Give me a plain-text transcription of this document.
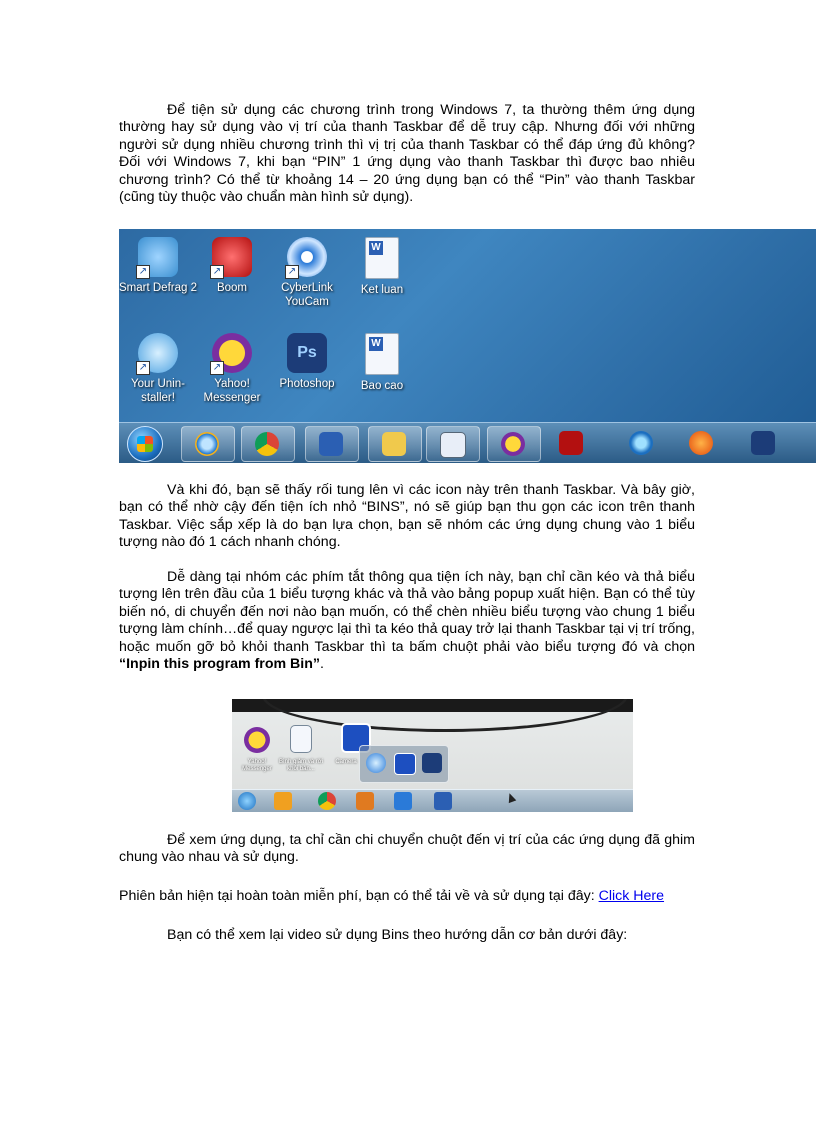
Để tiện sử dụng các chương trình trong Windows 7, ta thường thêm ứng dụng thường hay sử dụng vào vị trí của thanh Taskbar để dễ truy cập. Nhưng đối với những người sử dụng nhiều chương trình thì vị trị của thanh Taskbar có thể đáp ứng đủ không? Đối với Windows 7, khi bạn “PIN” 1 ứng dụng vào thanh Taskbar thì được bao nhiêu chương trình? Có thể từ khoảng 14 – 20 ứng dụng bạn có thể “Pin” vào thanh Taskbar (cũng tùy thuộc vào chuẩn màn hình sử dụng).

↗
Smart Defrag 2
↗
Boom
↗
CyberLink YouCam
W
Ket luan
↗
Your Unin-staller!
↗
Yahoo! Messenger
Ps
Photoshop
W
Bao cao

Và khi đó, bạn sẽ thấy rối tung lên vì các icon này trên thanh Taskbar. Và bây giờ, bạn có thể nhờ cậy đến tiện ích nhỏ “BINS”, nó sẽ giúp bạn thu gọn các icon trên thanh Taskbar. Việc sắp xếp là do bạn lựa chọn, bạn sẽ nhóm các ứng dụng chung vào 1 biểu tượng nào đó 1 cách nhanh chóng.

Dễ dàng tại nhóm các phím tắt thông qua tiện ích này, bạn chỉ cần kéo và thả biểu tượng lên trên đầu của 1 biểu tượng khác và thả vào bảng popup xuất hiện. Bạn có thể tùy biến nó, di chuyển đến nơi nào bạn muốn, có thể chèn nhiều biểu tượng vào chung 1 biểu tượng làm chính…để quay ngược lại thì ta kéo thả quay trở lại thanh Taskbar tại vị trí trống, hoặc muốn gỡ bỏ khỏi thanh Taskbar thì ta bấm chuột phải vào biểu tượng đó và chọn “Inpin this program from Bin”.

Yahoo! Messenger
Bình giảm và rời khỏi bản...
Camera

Để xem ứng dụng, ta chỉ cần chi chuyển chuột đến vị trí của các ứng dụng đã ghim chung vào nhau và sử dụng.

Phiên bản hiện tại hoàn toàn miễn phí, bạn có thể tải về và sử dụng tại đây: Click Here

Bạn có thể xem lại video sử dụng Bins theo hướng dẫn cơ bản dưới đây:
